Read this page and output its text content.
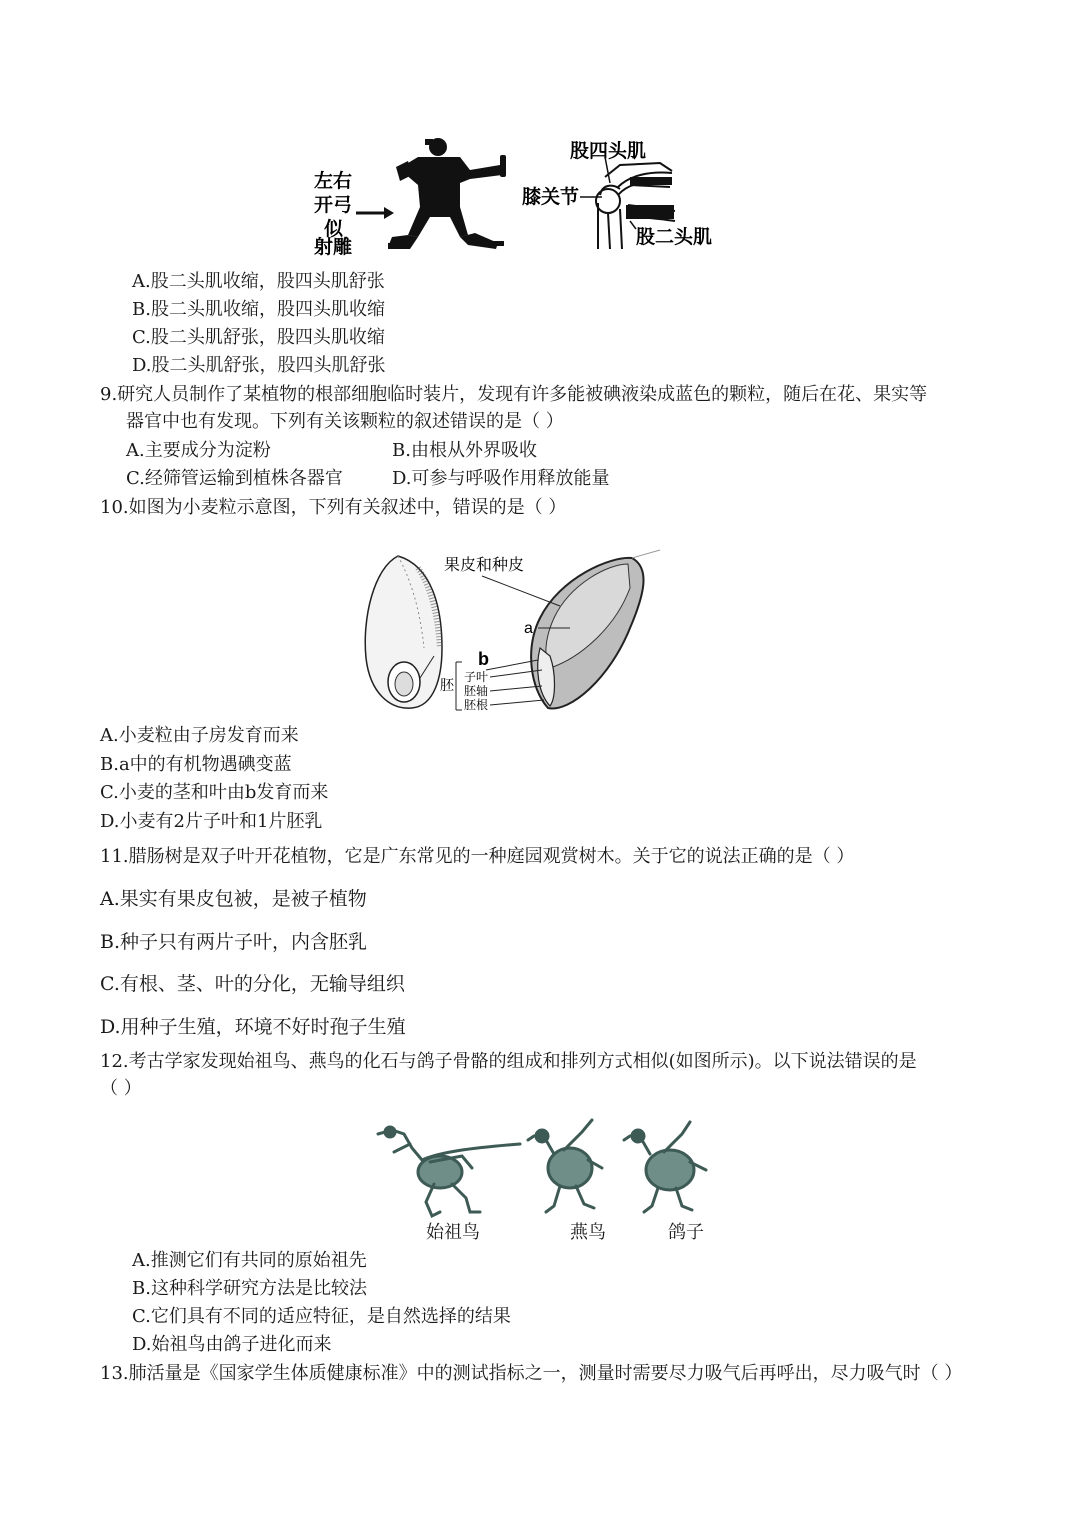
左右
开弓
似
射雕
股四头肌
膝关节
股二头肌
A.股二头肌收缩，股四头肌舒张
B.股二头肌收缩，股四头肌收缩
C.股二头肌舒张，股四头肌收缩
D.股二头肌舒张，股四头肌舒张
9.研究人员制作了某植物的根部细胞临时装片，发现有许多能被碘液染成蓝色的颗粒，随后在花、果实等
器官中也有发现。下列有关该颗粒的叙述错误的是（ ）
A.主要成分为淀粉	B.由根从外界吸收
C.经筛管运输到植株各器官	D.可参与呼吸作用释放能量
10.如图为小麦粒示意图，下列有关叙述中，错误的是（ ）
果皮和种皮
a
b
胚
子叶
胚轴
胚根
A.小麦粒由子房发育而来
B.a中的有机物遇碘变蓝
C.小麦的茎和叶由b发育而来
D.小麦有2片子叶和1片胚乳
11.腊肠树是双子叶开花植物，它是广东常见的一种庭园观赏树木。关于它的说法正确的是（ ）
A.果实有果皮包被，是被子植物
B.种子只有两片子叶，内含胚乳
C.有根、茎、叶的分化，无输导组织
D.用种子生殖，环境不好时孢子生殖
12.考古学家发现始祖鸟、燕鸟的化石与鸽子骨骼的组成和排列方式相似(如图所示)。以下说法错误的是
（ ）
始祖鸟	燕鸟	鸽子
A.推测它们有共同的原始祖先
B.这种科学研究方法是比较法
C.它们具有不同的适应特征，是自然选择的结果
D.始祖鸟由鸽子进化而来
13.肺活量是《国家学生体质健康标准》中的测试指标之一，测量时需要尽力吸气后再呼出，尽力吸气时（ ）
